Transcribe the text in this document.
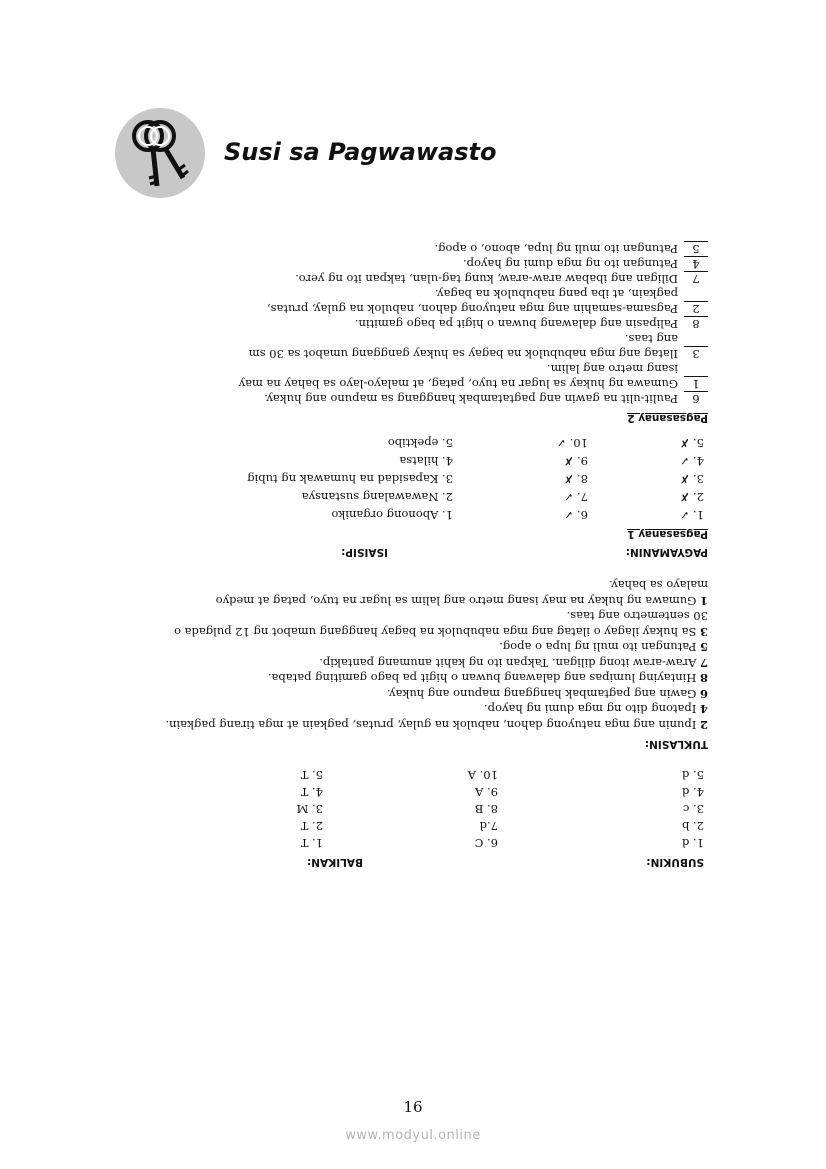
Susi sa Pagwawasto
SUBUKIN:
BALIKAN:
1. d
6. C
1. T
2. b
7.d
2. T
3. c
8. B
3. M
4. d
9. A
4. T
5. d
10. A
5. T
TUKLASIN:
2 Ipunin ang mga natuyong dahon, nabulok na gulay, prutas, pagkain at mga tirang pagkain.
4 Ipatong dito ng mga dumi ng hayop.
6 Gawin ang pagtambak hanggang mapuno ang hukay.
8 Hintaying lumipas ang dalawang buwan o higit pa bago gamiting pataba.
7 Araw-araw itong diligan. Takpan ito ng kahit anumang pantakip.
5 Patungan ito muli ng lupa o apog.
3 Sa hukay ilagay o ilatag ang mga nabubulok na bagay hanggang umabot ng 12 pulgada o
30 sentemetro ang taas.
1 Gumawa ng hukay na may isang metro ang lalim sa lugar na tuyo, patag at medyo
malayo sa bahay.
PAGYAMANIN:
ISAISIP:
Pagsasanay 1
1. ✓
6. ✓
1. Abonong organiko
2. ✗
7. ✓
2. Nawawalang sustansya
3. ✗
8. ✗
3. Kapasidad na humawak ng tubig
4. ✓
9. ✗
4. hilatsa
5. ✗
10. ✓
5. epektibo
Pagsasanay 2
6Paulit-ulit na gawin ang pagtatambak hanggang sa mapuno ang hukay.
1Gumawa ng hukay sa lugar na tuyo, patag, at malayo-layo sa bahay na may
isang metro ang lalim.
3Ilatag ang mga nabubulok na bagay sa hukay ganggang umabot sa 30 sm
ang taas.
8Palipasin ang dalawang buwan o higit pa bago gamitin.
2Pagsama-samahin ang mga natuyong dahon, nabulok na gulay, prutas,
pagkain, at iba pang nabubulok na bagay.
7Diligan ang ibabaw araw-araw, kung tag-ulan, takpan ito ng yero.
4Patungan ito ng mga dumi ng hayop.
5Patungan ito muli ng lupa, abono, o apog.
16
www.modyul.online
